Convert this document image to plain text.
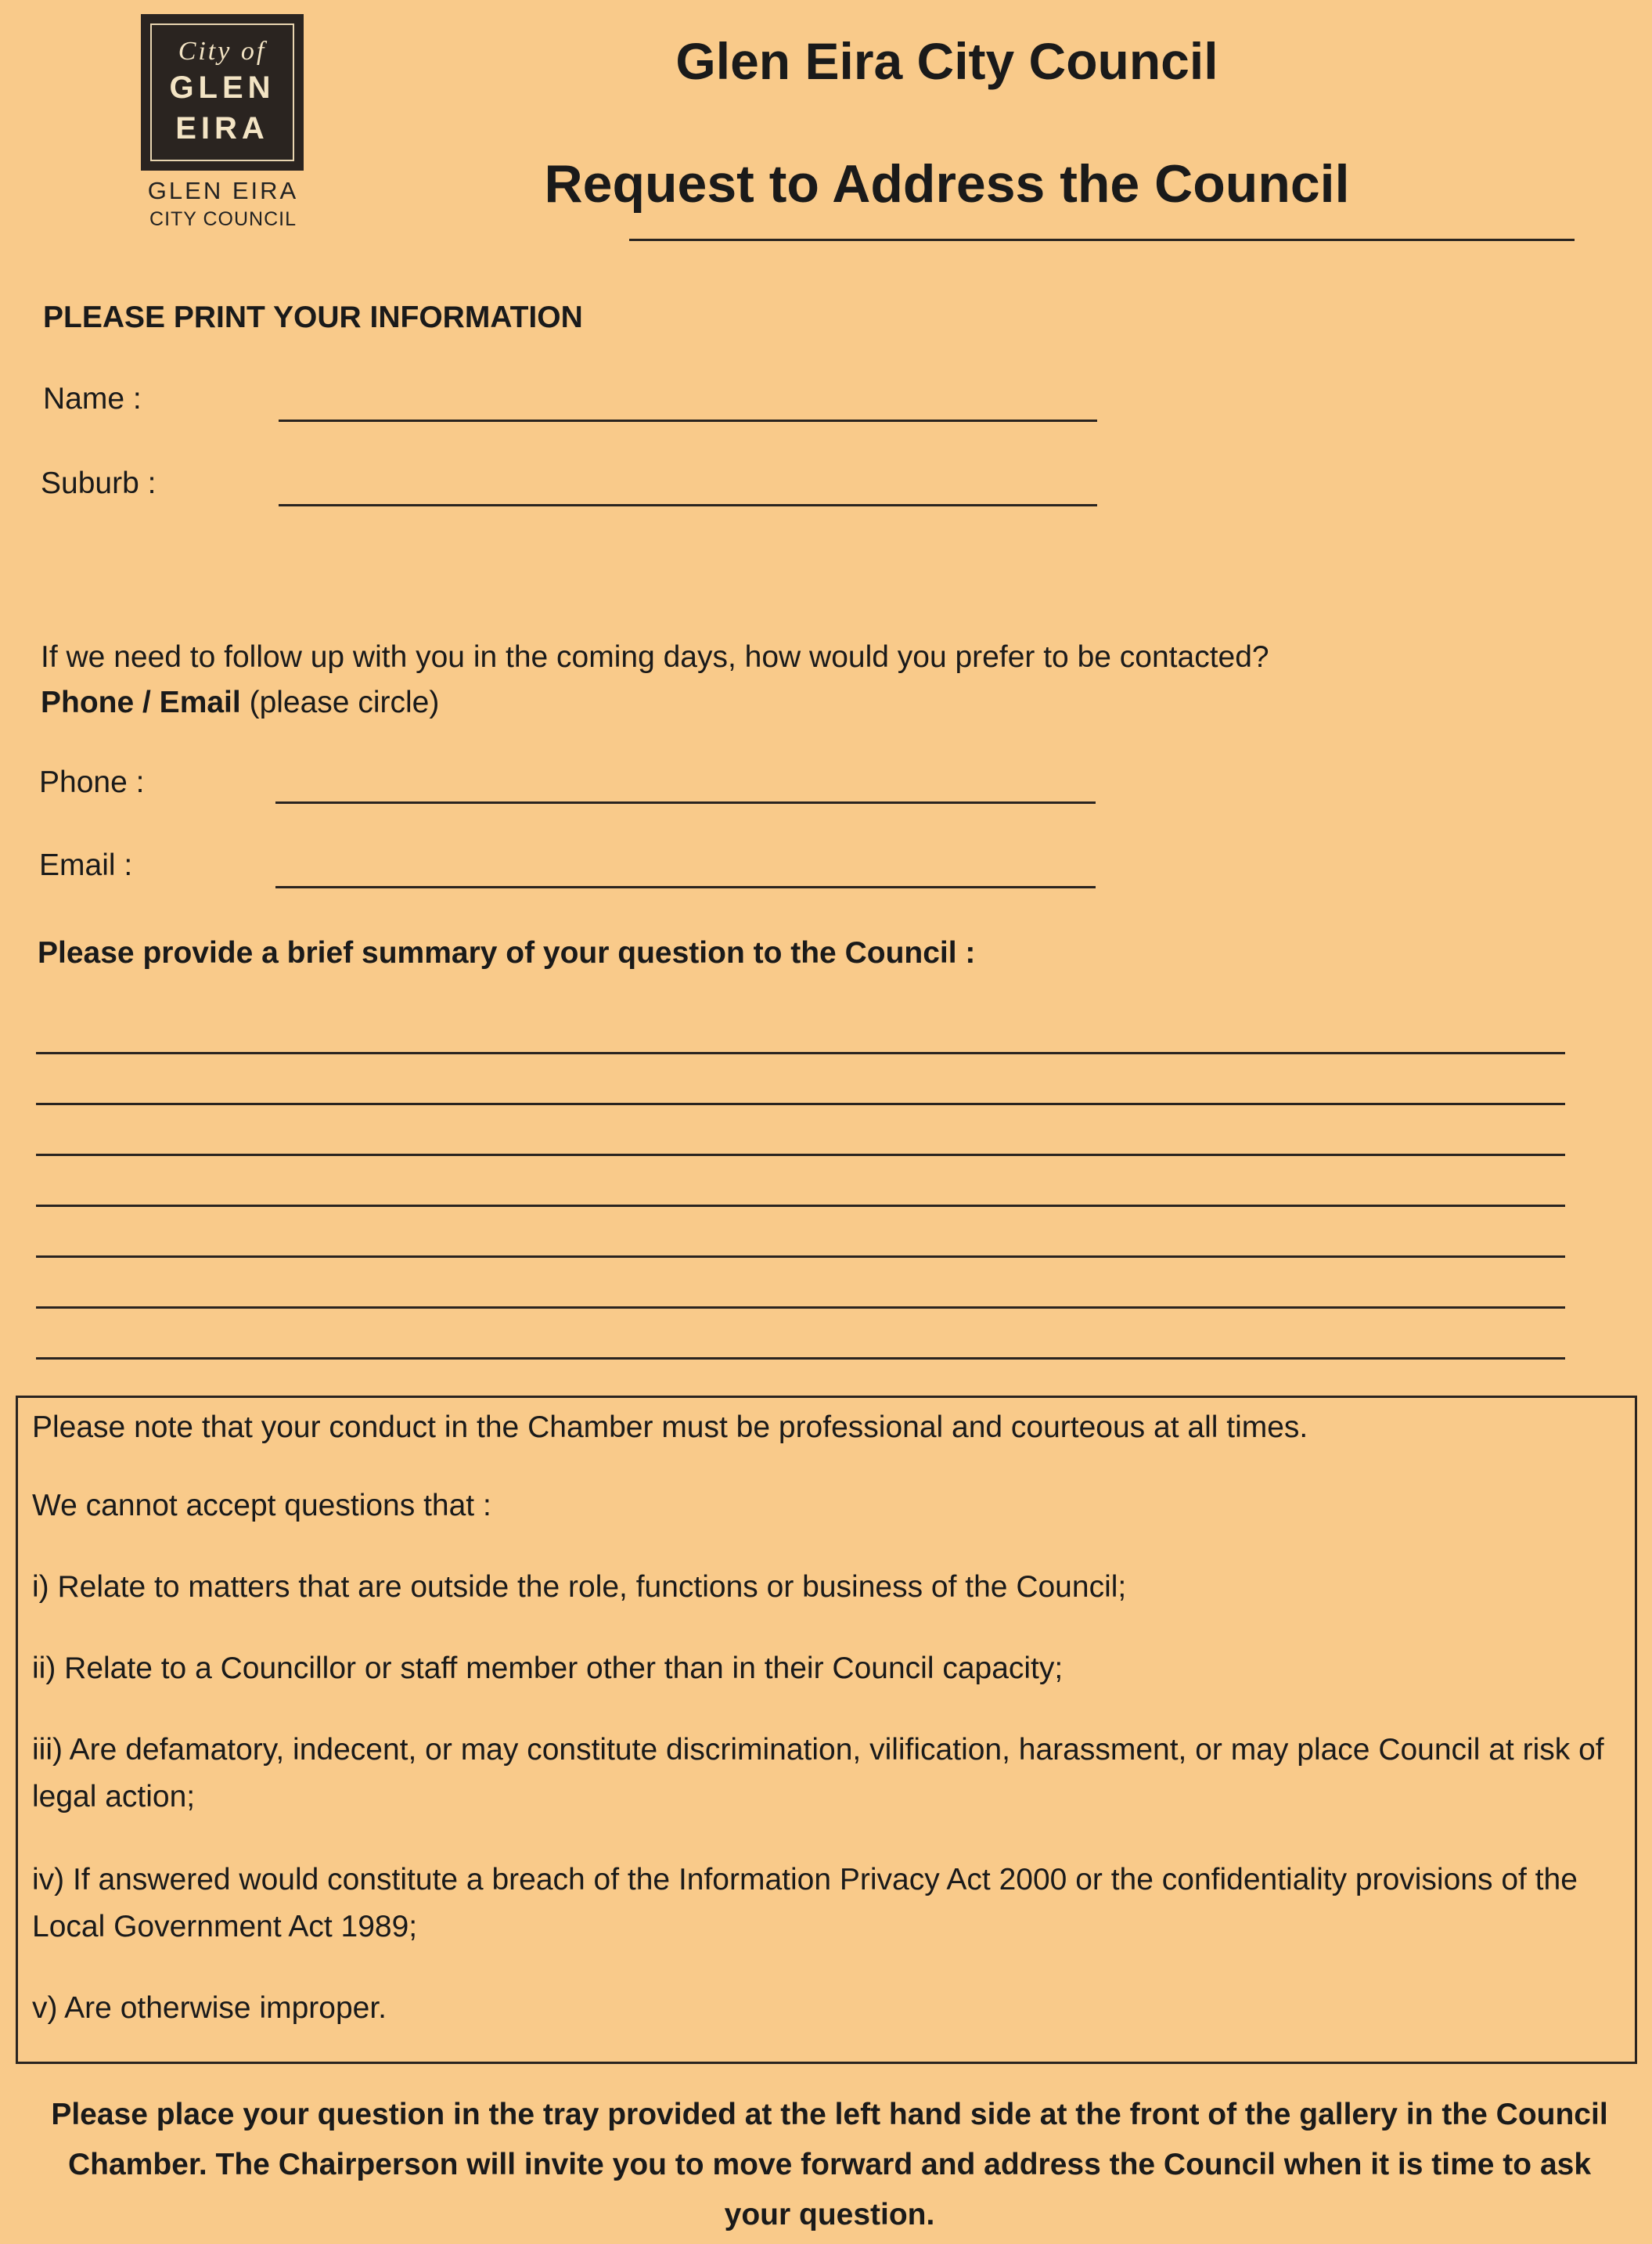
City of
GLEN
EIRA
GLEN EIRA
CITY COUNCIL
Glen Eira City Council
Request to Address the Council
PLEASE PRINT YOUR INFORMATION
Name :
Suburb :
If we need to follow up with you in the coming days, how would you prefer to be contacted?
Phone / Email (please circle)
Phone :
Email :
Please provide a brief summary of your question to the Council :

Please note that your conduct in the Chamber must be professional and courteous at all times.

We cannot accept questions that :

i) Relate to matters that are outside the role, functions or business of the Council;

ii) Relate to a Councillor or staff member other than in their Council capacity;

iii) Are defamatory, indecent, or may constitute discrimination, vilification, harassment, or may place Council at risk of legal action;

iv) If answered would constitute a breach of the Information Privacy Act 2000 or the confidentiality provisions of the Local Government Act 1989;

v) Are otherwise improper.

Please place your question in the tray provided at the left hand side at the front of the gallery in the Council Chamber. The Chairperson will invite you to move forward and address the Council when it is time to ask your question.
